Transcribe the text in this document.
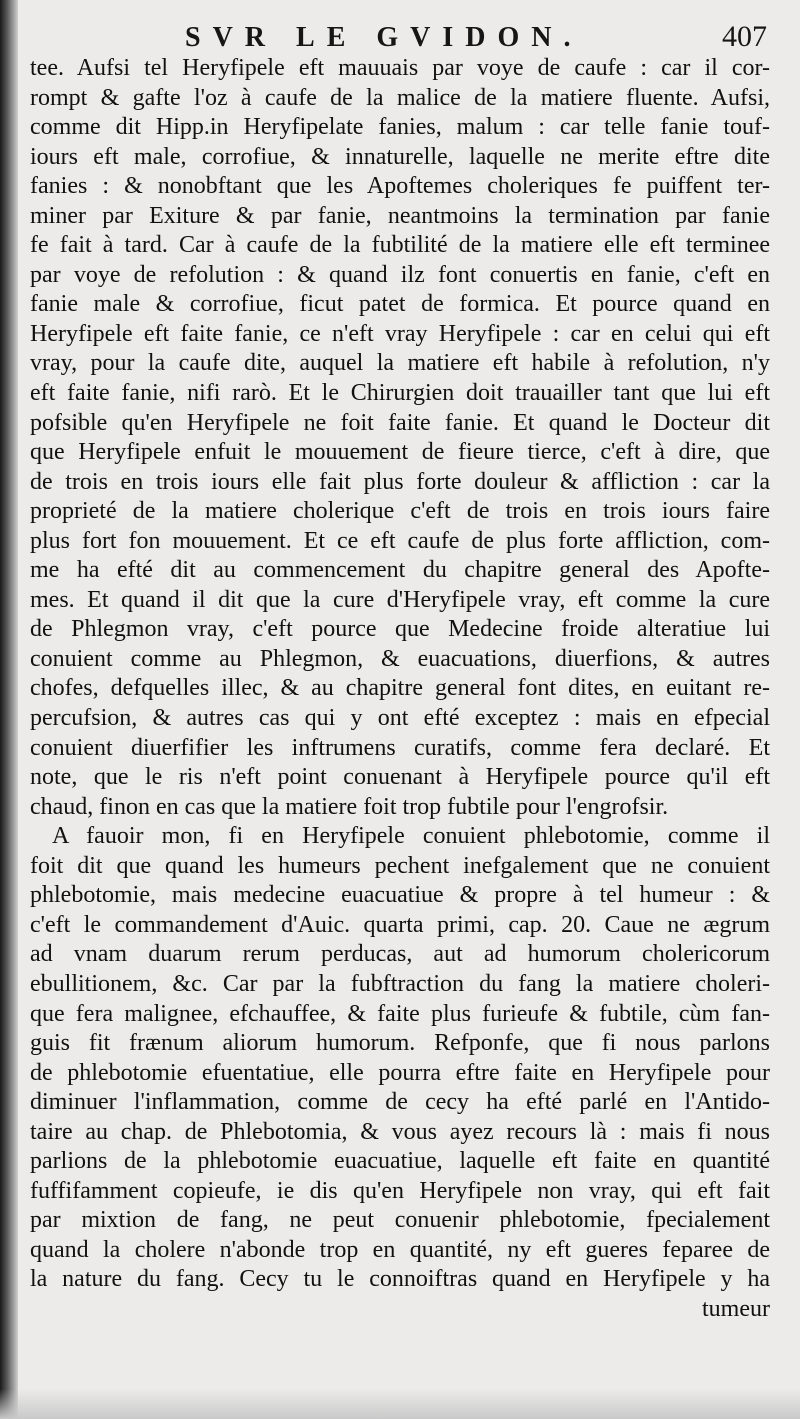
SVR LE GVIDON.	407
tee. Aufsi tel Heryfipele eft mauuais par voye de caufe : car il cor-
rompt & gafte l'oz à caufe de la malice de la matiere fluente. Aufsi,
comme dit Hipp.in Heryfipelate fanies, malum : car telle fanie touf-
iours eft male, corrofiue, & innaturelle, laquelle ne merite eftre dite
fanies : & nonobftant que les Apoftemes choleriques fe puiffent ter-
miner par Exiture & par fanie, neantmoins la termination par fanie
fe fait à tard. Car à caufe de la fubtilité de la matiere elle eft terminee
par voye de refolution : & quand ilz font conuertis en fanie, c'eft en
fanie male & corrofiue, ficut patet de formica. Et pource quand en
Heryfipele eft faite fanie, ce n'eft vray Heryfipele : car en celui qui eft
vray, pour la caufe dite, auquel la matiere eft habile à refolution, n'y
eft faite fanie, nifi rarò. Et le Chirurgien doit trauailler tant que lui eft
pofsible qu'en Heryfipele ne foit faite fanie. Et quand le Docteur dit
que Heryfipele enfuit le mouuement de fieure tierce, c'eft à dire, que
de trois en trois iours elle fait plus forte douleur & affliction : car la
proprieté de la matiere cholerique c'eft de trois en trois iours faire
plus fort fon mouuement. Et ce eft caufe de plus forte affliction, com-
me ha efté dit au commencement du chapitre general des Apofte-
mes. Et quand il dit que la cure d'Heryfipele vray, eft comme la cure
de Phlegmon vray, c'eft pource que Medecine froide alteratiue lui
conuient comme au Phlegmon, & euacuations, diuerfions, & autres
chofes, defquelles illec, & au chapitre general font dites, en euitant re-
percufsion, & autres cas qui y ont efté exceptez : mais en efpecial
conuient diuerfifier les inftrumens curatifs, comme fera declaré. Et
note, que le ris n'eft point conuenant à Heryfipele pource qu'il eft
chaud, finon en cas que la matiere foit trop fubtile pour l'engrofsir.
A fauoir mon, fi en Heryfipele conuient phlebotomie, comme il
foit dit que quand les humeurs pechent inefgalement que ne conuient
phlebotomie, mais medecine euacuatiue & propre à tel humeur : &
c'eft le commandement d'Auic. quarta primi, cap. 20. Caue ne ægrum
ad vnam duarum rerum perducas, aut ad humorum cholericorum
ebullitionem, &c. Car par la fubftraction du fang la matiere choleri-
que fera malignee, efchauffee, & faite plus furieufe & fubtile, cùm fan-
guis fit frænum aliorum humorum. Refponfe, que fi nous parlons
de phlebotomie efuentatiue, elle pourra eftre faite en Heryfipele pour
diminuer l'inflammation, comme de cecy ha efté parlé en l'Antido-
taire au chap. de Phlebotomia, & vous ayez recours là : mais fi nous
parlions de la phlebotomie euacuatiue, laquelle eft faite en quantité
fuffifamment copieufe, ie dis qu'en Heryfipele non vray, qui eft fait
par mixtion de fang, ne peut conuenir phlebotomie, fpecialement
quand la cholere n'abonde trop en quantité, ny eft gueres feparee de
la nature du fang. Cecy tu le connoiftras quand en Heryfipele y ha
tumeur
